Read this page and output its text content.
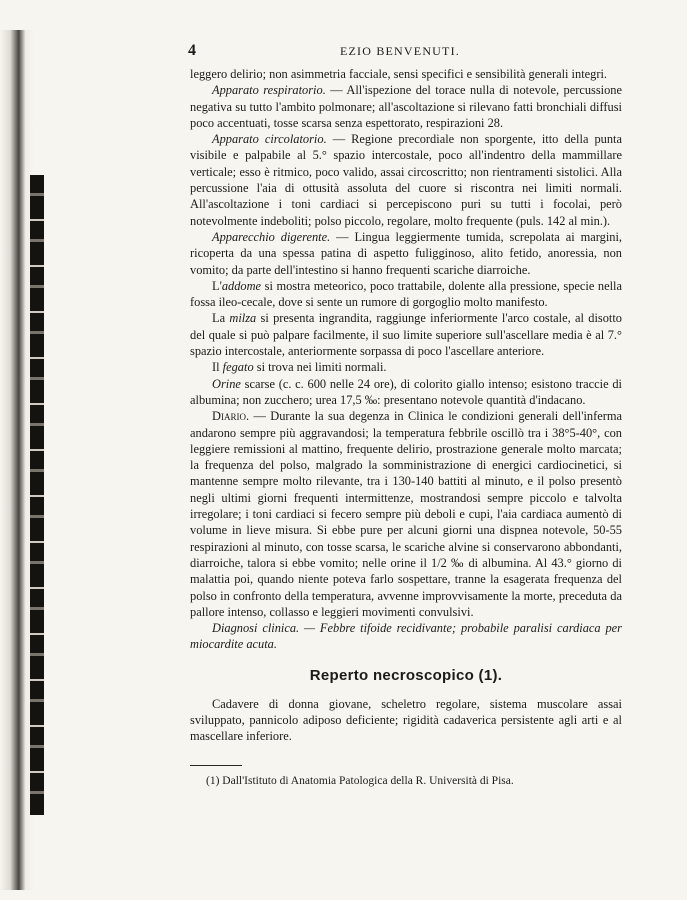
4	EZIO BENVENUTI.

leggero delirio; non asimmetria facciale, sensi specifici e sensibilità generali integri.

Apparato respiratorio. — All'ispezione del torace nulla di notevole, percussione negativa su tutto l'ambito polmonare; all'ascoltazione si rilevano fatti bronchiali diffusi poco accentuati, tosse scarsa senza espettorato, respirazioni 28.

Apparato circolatorio. — Regione precordiale non sporgente, itto della punta visibile e palpabile al 5.° spazio intercostale, poco all'indentro della mammillare verticale; esso è ritmico, poco valido, assai circoscritto; non rientramenti sistolici. Alla percussione l'aia di ottusità assoluta del cuore si riscontra nei limiti normali. All'ascoltazione i toni cardiaci si percepiscono puri su tutti i focolai, però notevolmente indeboliti; polso piccolo, regolare, molto frequente (puls. 142 al min.).

Apparecchio digerente. — Lingua leggiermente tumida, screpolata ai margini, ricoperta da una spessa patina di aspetto fuligginoso, alito fetido, anoressia, non vomito; da parte dell'intestino si hanno frequenti scariche diarroiche.

L'addome si mostra meteorico, poco trattabile, dolente alla pressione, specie nella fossa ileo-cecale, dove si sente un rumore di gorgoglio molto manifesto.

La milza si presenta ingrandita, raggiunge inferiormente l'arco costale, al disotto del quale si può palpare facilmente, il suo limite superiore sull'ascellare media è al 7.° spazio intercostale, anteriormente sorpassa di poco l'ascellare anteriore.

Il fegato si trova nei limiti normali.

Orine scarse (c. c. 600 nelle 24 ore), di colorito giallo intenso; esistono traccie di albumina; non zucchero; urea 17,5 ‰: presentano notevole quantità d'indacano.

Diario. — Durante la sua degenza in Clinica le condizioni generali dell'inferma andarono sempre più aggravandosi; la temperatura febbrile oscillò tra i 38°5-40°, con leggiere remissioni al mattino, frequente delirio, prostrazione generale molto marcata; la frequenza del polso, malgrado la somministrazione di energici cardiocinetici, si mantenne sempre molto rilevante, tra i 130-140 battiti al minuto, e il polso presentò negli ultimi giorni frequenti intermittenze, mostrandosi sempre piccolo e talvolta irregolare; i toni cardiaci si fecero sempre più deboli e cupi, l'aia cardiaca aumentò di volume in lieve misura. Si ebbe pure per alcuni giorni una dispnea notevole, 50-55 respirazioni al minuto, con tosse scarsa, le scariche alvine si conservarono abbondanti, diarroiche, talora si ebbe vomito; nelle orine il 1/2 ‰ di albumina. Al 43.° giorno di malattia poi, quando niente poteva farlo sospettare, tranne la esagerata frequenza del polso in confronto della temperatura, avvenne improvvisamente la morte, preceduta da pallore intenso, collasso e leggieri movimenti convulsivi.

Diagnosi clinica. — Febbre tifoide recidivante; probabile paralisi cardiaca per miocardite acuta.

Reperto necroscopico (1).

Cadavere di donna giovane, scheletro regolare, sistema muscolare assai sviluppato, pannicolo adiposo deficiente; rigidità cadaverica persistente agli arti e al mascellare inferiore.

(1) Dall'Istituto di Anatomia Patologica della R. Università di Pisa.
